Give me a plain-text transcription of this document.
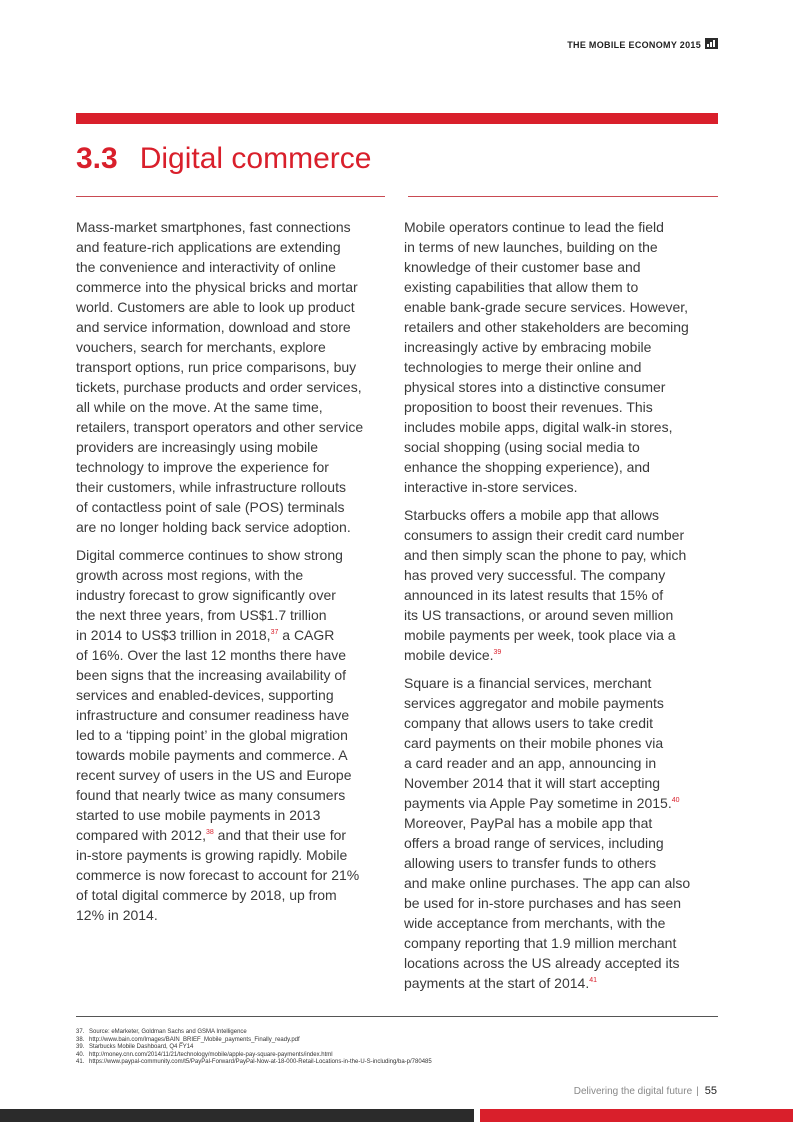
THE MOBILE ECONOMY 2015
3.3 Digital commerce

Mass-market smartphones, fast connections
and feature-rich applications are extending
the convenience and interactivity of online
commerce into the physical bricks and mortar
world. Customers are able to look up product
and service information, download and store
vouchers, search for merchants, explore
transport options, run price comparisons, buy
tickets, purchase products and order services,
all while on the move. At the same time,
retailers, transport operators and other service
providers are increasingly using mobile
technology to improve the experience for
their customers, while infrastructure rollouts
of contactless point of sale (POS) terminals
are no longer holding back service adoption.

Digital commerce continues to show strong
growth across most regions, with the
industry forecast to grow significantly over
the next three years, from US$1.7 trillion
in 2014 to US$3 trillion in 2018,37 a CAGR
of 16%. Over the last 12 months there have
been signs that the increasing availability of
services and enabled-devices, supporting
infrastructure and consumer readiness have
led to a ‘tipping point’ in the global migration
towards mobile payments and commerce. A
recent survey of users in the US and Europe
found that nearly twice as many consumers
started to use mobile payments in 2013
compared with 2012,38 and that their use for
in-store payments is growing rapidly. Mobile
commerce is now forecast to account for 21%
of total digital commerce by 2018, up from
12% in 2014.

Mobile operators continue to lead the field
in terms of new launches, building on the
knowledge of their customer base and
existing capabilities that allow them to
enable bank-grade secure services. However,
retailers and other stakeholders are becoming
increasingly active by embracing mobile
technologies to merge their online and
physical stores into a distinctive consumer
proposition to boost their revenues. This
includes mobile apps, digital walk-in stores,
social shopping (using social media to
enhance the shopping experience), and
interactive in-store services.

Starbucks offers a mobile app that allows
consumers to assign their credit card number
and then simply scan the phone to pay, which
has proved very successful. The company
announced in its latest results that 15% of
its US transactions, or around seven million
mobile payments per week, took place via a
mobile device.$^{39}$

Square is a financial services, merchant
services aggregator and mobile payments
company that allows users to take credit
card payments on their mobile phones via
a card reader and an app, announcing in
November 2014 that it will start accepting
payments via Apple Pay sometime in 2015.40
Moreover, PayPal has a mobile app that
offers a broad range of services, including
allowing users to transfer funds to others
and make online purchases. The app can also
be used for in-store purchases and has seen
wide acceptance from merchants, with the
company reporting that 1.9 million merchant
locations across the US already accepted its
payments at the start of 2014.41

37. Source: eMarketer, Goldman Sachs and GSMA Intelligence
38. http://www.bain.com/Images/BAIN_BRIEF_Mobile_payments_Finally_ready.pdf
39. Starbucks Mobile Dashboard, Q4 FY14
40. http://money.cnn.com/2014/11/21/technology/mobile/apple-pay-square-payments/index.html
41. https://www.paypal-community.com/t5/PayPal-Forward/PayPal-Now-at-18-000-Retail-Locations-in-the-U-S-including/ba-p/780485
Delivering the digital future | 55
